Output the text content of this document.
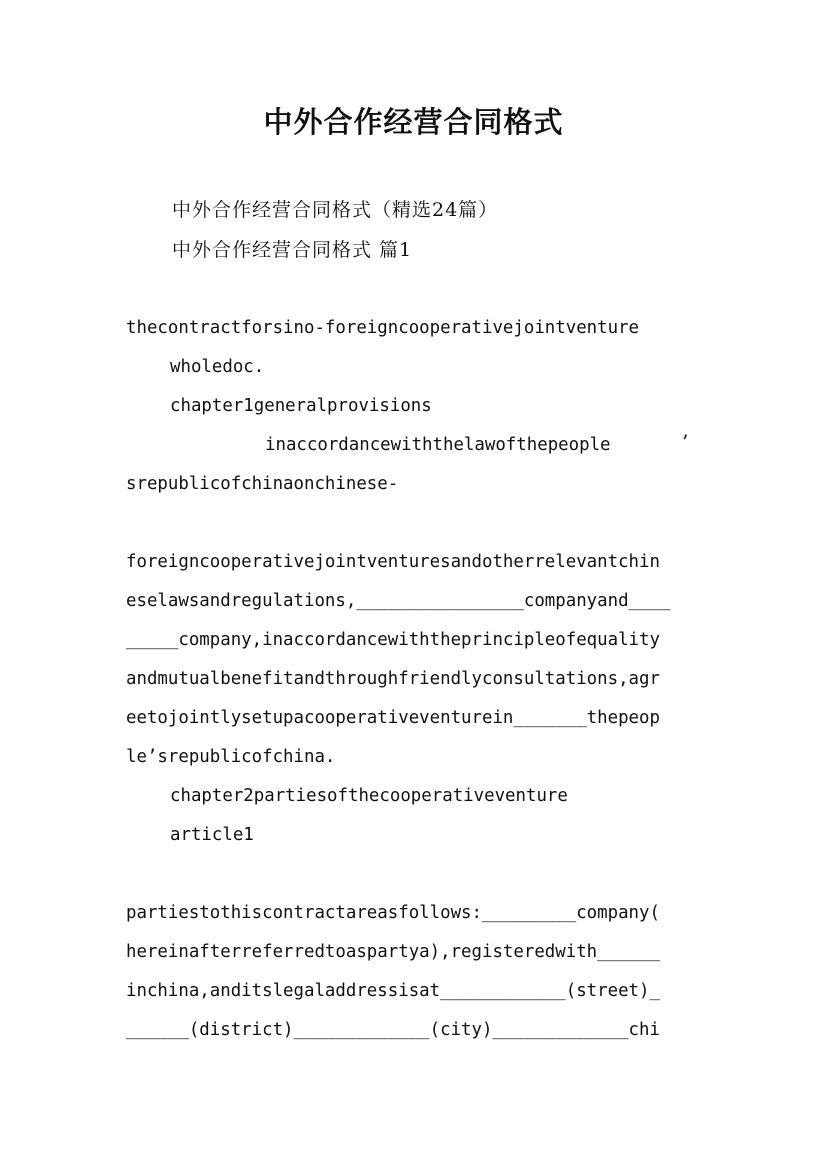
中外合作经营合同格式
中外合作经营合同格式（精选24篇）
中外合作经营合同格式 篇1
thecontractforsino-foreigncooperativejointventure
wholedoc.
chapter1generalprovisions
inaccordancewiththelawofthepeople	’
srepublicofchinaonchinese-
foreigncooperativejointventuresandotherrelevantchin
eselawsandregulations,________________companyand____
_____company,inaccordancewiththeprincipleofequality
andmutualbenefitandthroughfriendlyconsultations,agr
eetojointlysetupacooperativeventurein_______thepeop
le’srepublicofchina.
chapter2partiesofthecooperativeventure
article1
partiestothiscontractareasfollows:_________company(
hereinafterreferredtoaspartya),registeredwith______
inchina,anditslegaladdressisat____________(street)_
______(district)_____________(city)_____________chi
